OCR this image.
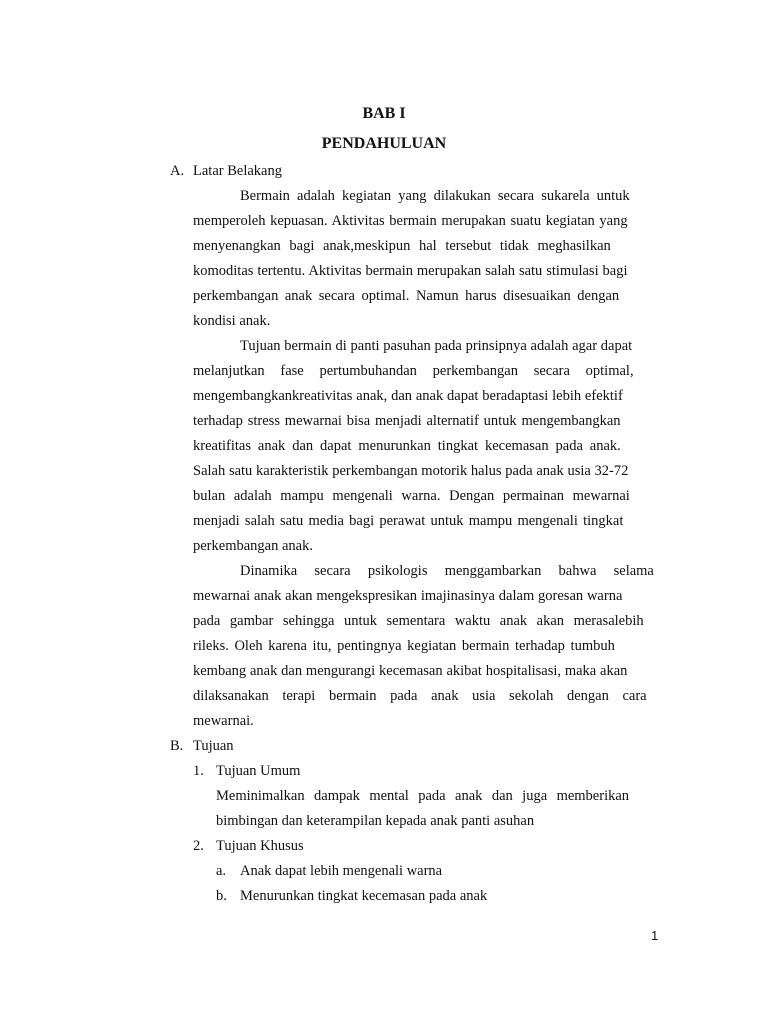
BAB I
PENDAHULUAN
A. Latar Belakang
Bermain adalah kegiatan yang dilakukan secara sukarela untuk
memperoleh kepuasan. Aktivitas bermain merupakan suatu kegiatan yang
menyenangkan bagi anak,meskipun hal tersebut tidak meghasilkan
komoditas tertentu. Aktivitas bermain merupakan salah satu stimulasi bagi
perkembangan anak secara optimal. Namun harus disesuaikan dengan
kondisi anak.
Tujuan bermain di panti pasuhan pada prinsipnya adalah agar dapat
melanjutkan fase pertumbuhandan perkembangan secara optimal,
mengembangkankreativitas anak, dan anak dapat beradaptasi lebih efektif
terhadap stress mewarnai bisa menjadi alternatif untuk mengembangkan
kreatifitas anak dan dapat menurunkan tingkat kecemasan pada anak.
Salah satu karakteristik perkembangan motorik halus pada anak usia 32-72
bulan adalah mampu mengenali warna. Dengan permainan mewarnai
menjadi salah satu media bagi perawat untuk mampu mengenali tingkat
perkembangan anak.
Dinamika secara psikologis menggambarkan bahwa selama
mewarnai anak akan mengekspresikan imajinasinya dalam goresan warna
pada gambar sehingga untuk sementara waktu anak akan merasalebih
rileks. Oleh karena itu, pentingnya kegiatan bermain terhadap tumbuh
kembang anak dan mengurangi kecemasan akibat hospitalisasi, maka akan
dilaksanakan terapi bermain pada anak usia sekolah dengan cara
mewarnai.
B. Tujuan
1. Tujuan Umum
Meminimalkan dampak mental pada anak dan juga memberikan
bimbingan dan keterampilan kepada anak panti asuhan
2. Tujuan Khusus
a. Anak dapat lebih mengenali warna
b. Menurunkan tingkat kecemasan pada anak
1
